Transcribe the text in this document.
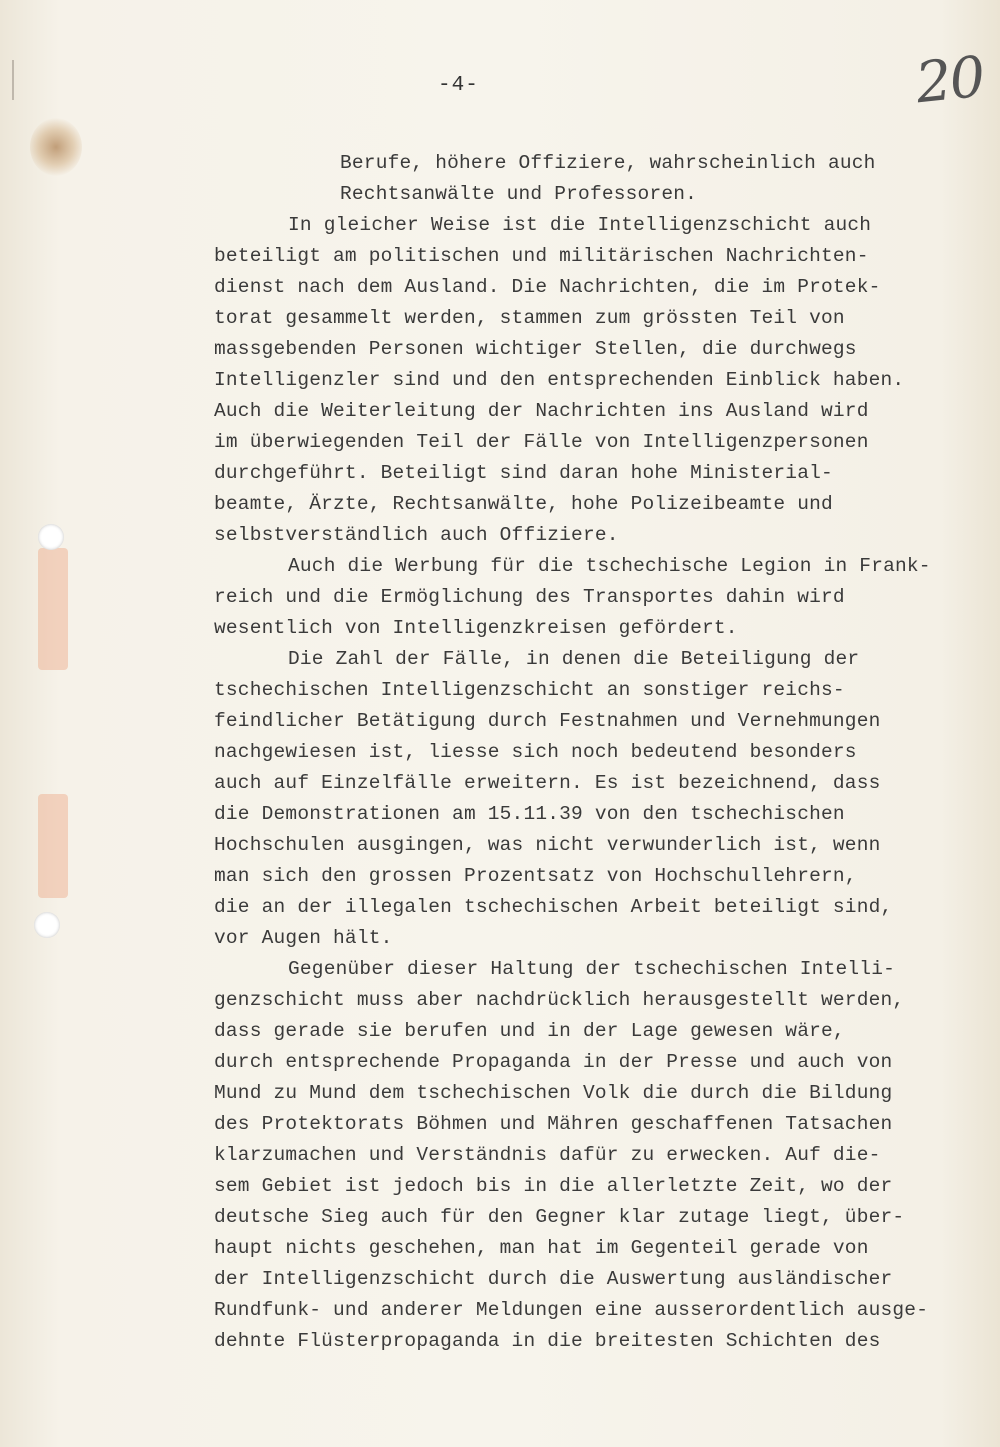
-4-	20
Berufe, höhere Offiziere, wahrscheinlich auch
Rechtsanwälte und Professoren.
In gleicher Weise ist die Intelligenzschicht auch
beteiligt am politischen und militärischen Nachrichten-
dienst nach dem Ausland. Die Nachrichten, die im Protek-
torat gesammelt werden, stammen zum grössten Teil von
massgebenden Personen wichtiger Stellen, die durchwegs
Intelligenzler sind und den entsprechenden Einblick haben.
Auch die Weiterleitung der Nachrichten ins Ausland wird
im überwiegenden Teil der Fälle von Intelligenzpersonen
durchgeführt. Beteiligt sind daran hohe Ministerial-
beamte, Ärzte, Rechtsanwälte, hohe Polizeibeamte und
selbstverständlich auch Offiziere.
Auch die Werbung für die tschechische Legion in Frank-
reich und die Ermöglichung des Transportes dahin wird
wesentlich von Intelligenzkreisen gefördert.
Die Zahl der Fälle, in denen die Beteiligung der
tschechischen Intelligenzschicht an sonstiger reichs-
feindlicher Betätigung durch Festnahmen und Vernehmungen
nachgewiesen ist, liesse sich noch bedeutend besonders
auch auf Einzelfälle erweitern. Es ist bezeichnend, dass
die Demonstrationen am 15.11.39 von den tschechischen
Hochschulen ausgingen, was nicht verwunderlich ist, wenn
man sich den grossen Prozentsatz von Hochschullehrern,
die an der illegalen tschechischen Arbeit beteiligt sind,
vor Augen hält.
Gegenüber dieser Haltung der tschechischen Intelli-
genzschicht muss aber nachdrücklich herausgestellt werden,
dass gerade sie berufen und in der Lage gewesen wäre,
durch entsprechende Propaganda in der Presse und auch von
Mund zu Mund dem tschechischen Volk die durch die Bildung
des Protektorats Böhmen und Mähren geschaffenen Tatsachen
klarzumachen und Verständnis dafür zu erwecken. Auf die-
sem Gebiet ist jedoch bis in die allerletzte Zeit, wo der
deutsche Sieg auch für den Gegner klar zutage liegt, über-
haupt nichts geschehen, man hat im Gegenteil gerade von
der Intelligenzschicht durch die Auswertung ausländischer
Rundfunk- und anderer Meldungen eine ausserordentlich ausge-
dehnte Flüsterpropaganda in die breitesten Schichten des
